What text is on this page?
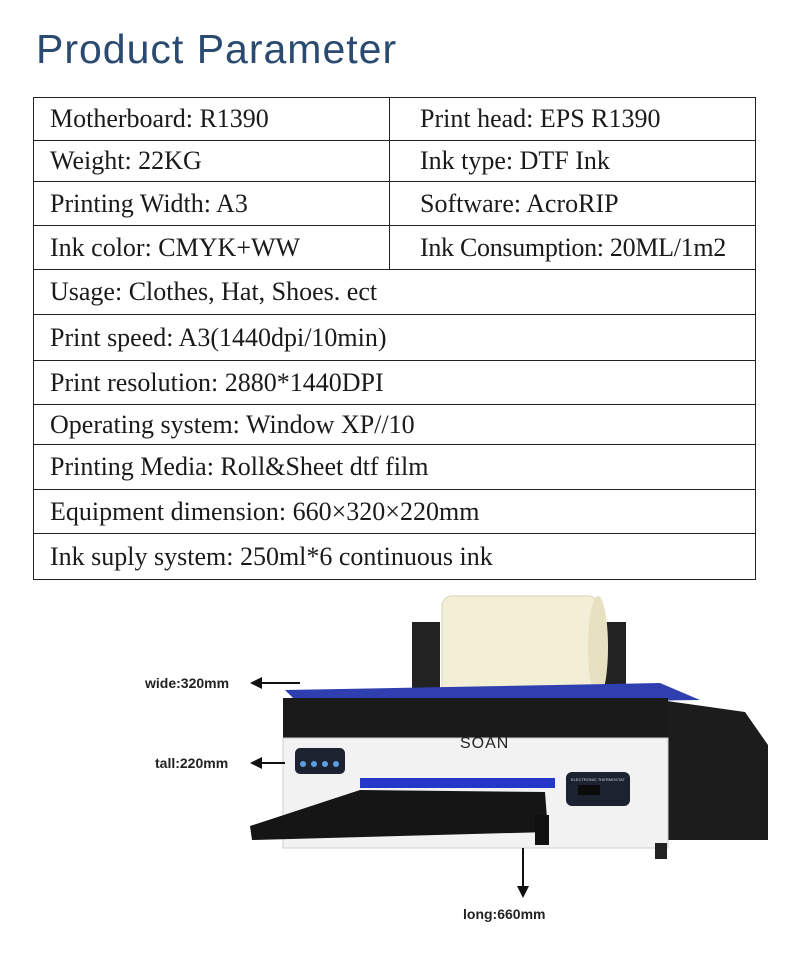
Product Parameter
Motherboard: R1390	Print head: EPS R1390
Weight: 22KG	Ink type: DTF Ink
Printing Width: A3	Software: AcroRIP
Ink color: CMYK+WW	Ink Consumption: 20ML/1m2
Usage: Clothes, Hat, Shoes. ect	
Print speed: A3(1440dpi/10min)	
Print resolution: 2880*1440DPI	
Operating system: Window XP//10	
Printing Media: Roll&Sheet dtf film	
Equipment dimension: 660×320×220mm	
Ink suply system: 250ml*6 continuous ink	
SOAN
ELECTRONIC THERMOSTAT
wide:320mm
tall:220mm
long:660mm
